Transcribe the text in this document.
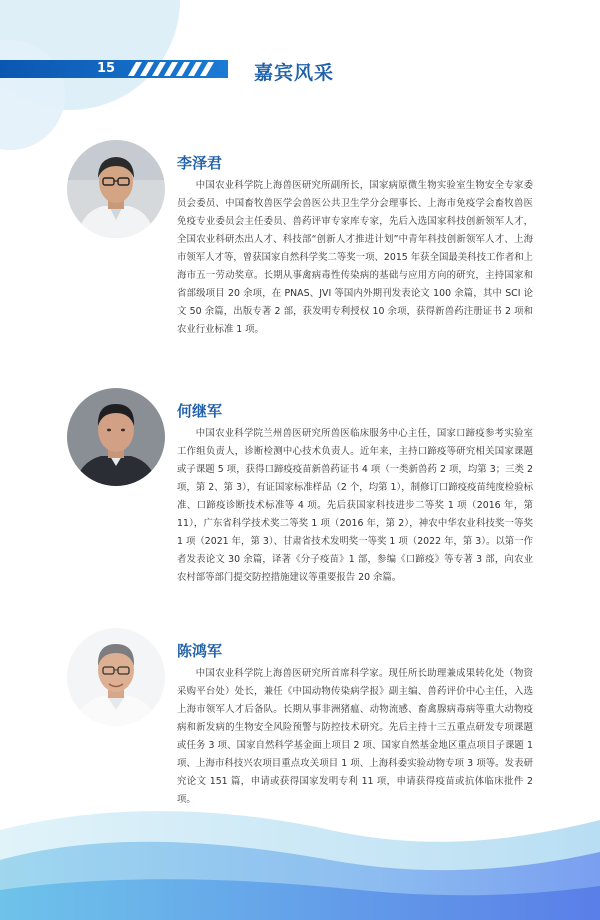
15	嘉宾风采
李泽君

中国农业科学院上海兽医研究所副所长，国家病原微生物实验室生物安全专家委员会委员、中国畜牧兽医学会兽医公共卫生学分会理事长、上海市免疫学会畜牧兽医免疫专业委员会主任委员、兽药评审专家库专家，先后入选国家科技创新领军人才，全国农业科研杰出人才、科技部“创新人才推进计划”中青年科技创新领军人才、上海市领军人才等，曾获国家自然科学奖二等奖一项、2015 年获全国最美科技工作者和上海市五一劳动奖章。长期从事禽病毒性传染病的基础与应用方向的研究，主持国家和省部级项目 20 余项，在 PNAS、JVI 等国内外期刊发表论文 100 余篇，其中 SCI 论文 50 余篇，出版专著 2 部，获发明专利授权 10 余项，获得新兽药注册证书 2 项和农业行业标准 1 项。

何继军

中国农业科学院兰州兽医研究所兽医临床服务中心主任，国家口蹄疫参考实验室工作组负责人，诊断检测中心技术负责人。近年来，主持口蹄疫等研究相关国家课题或子课题 5 项，获得口蹄疫疫苗新兽药证书 4 项（一类新兽药 2 项，均第 3；三类 2 项，第 2、第 3），有证国家标准样品（2 个，均第 1），制修订口蹄疫疫苗纯度检验标准、口蹄疫诊断技术标准等 4 项。先后获国家科技进步二等奖 1 项（2016 年，第 11），广东省科学技术奖二等奖 1 项（2016 年，第 2），神农中华农业科技奖一等奖 1 项（2021 年，第 3）、甘肃省技术发明奖一等奖 1 项（2022 年，第 3）。以第一作者发表论文 30 余篇，译著《分子疫苗》1 部，参编《口蹄疫》等专著 3 部，向农业农村部等部门提交防控措施建议等重要报告 20 余篇。

陈鸿军

中国农业科学院上海兽医研究所首席科学家。现任所长助理兼成果转化处（物资采购平台处）处长，兼任《中国动物传染病学报》副主编、兽药评价中心主任，入选上海市领军人才后备队。长期从事非洲猪瘟、动物流感、畜禽腺病毒病等重大动物疫病和新发病的生物安全风险预警与防控技术研究。先后主持十三五重点研发专项课题或任务 3 项、国家自然科学基金面上项目 2 项、国家自然基金地区重点项目子课题 1 项、上海市科技兴农项目重点攻关项目 1 项、上海科委实验动物专项 3 项等。发表研究论文 151 篇，申请或获得国家发明专利 11 项，申请获得疫苗或抗体临床批件 2 项。
